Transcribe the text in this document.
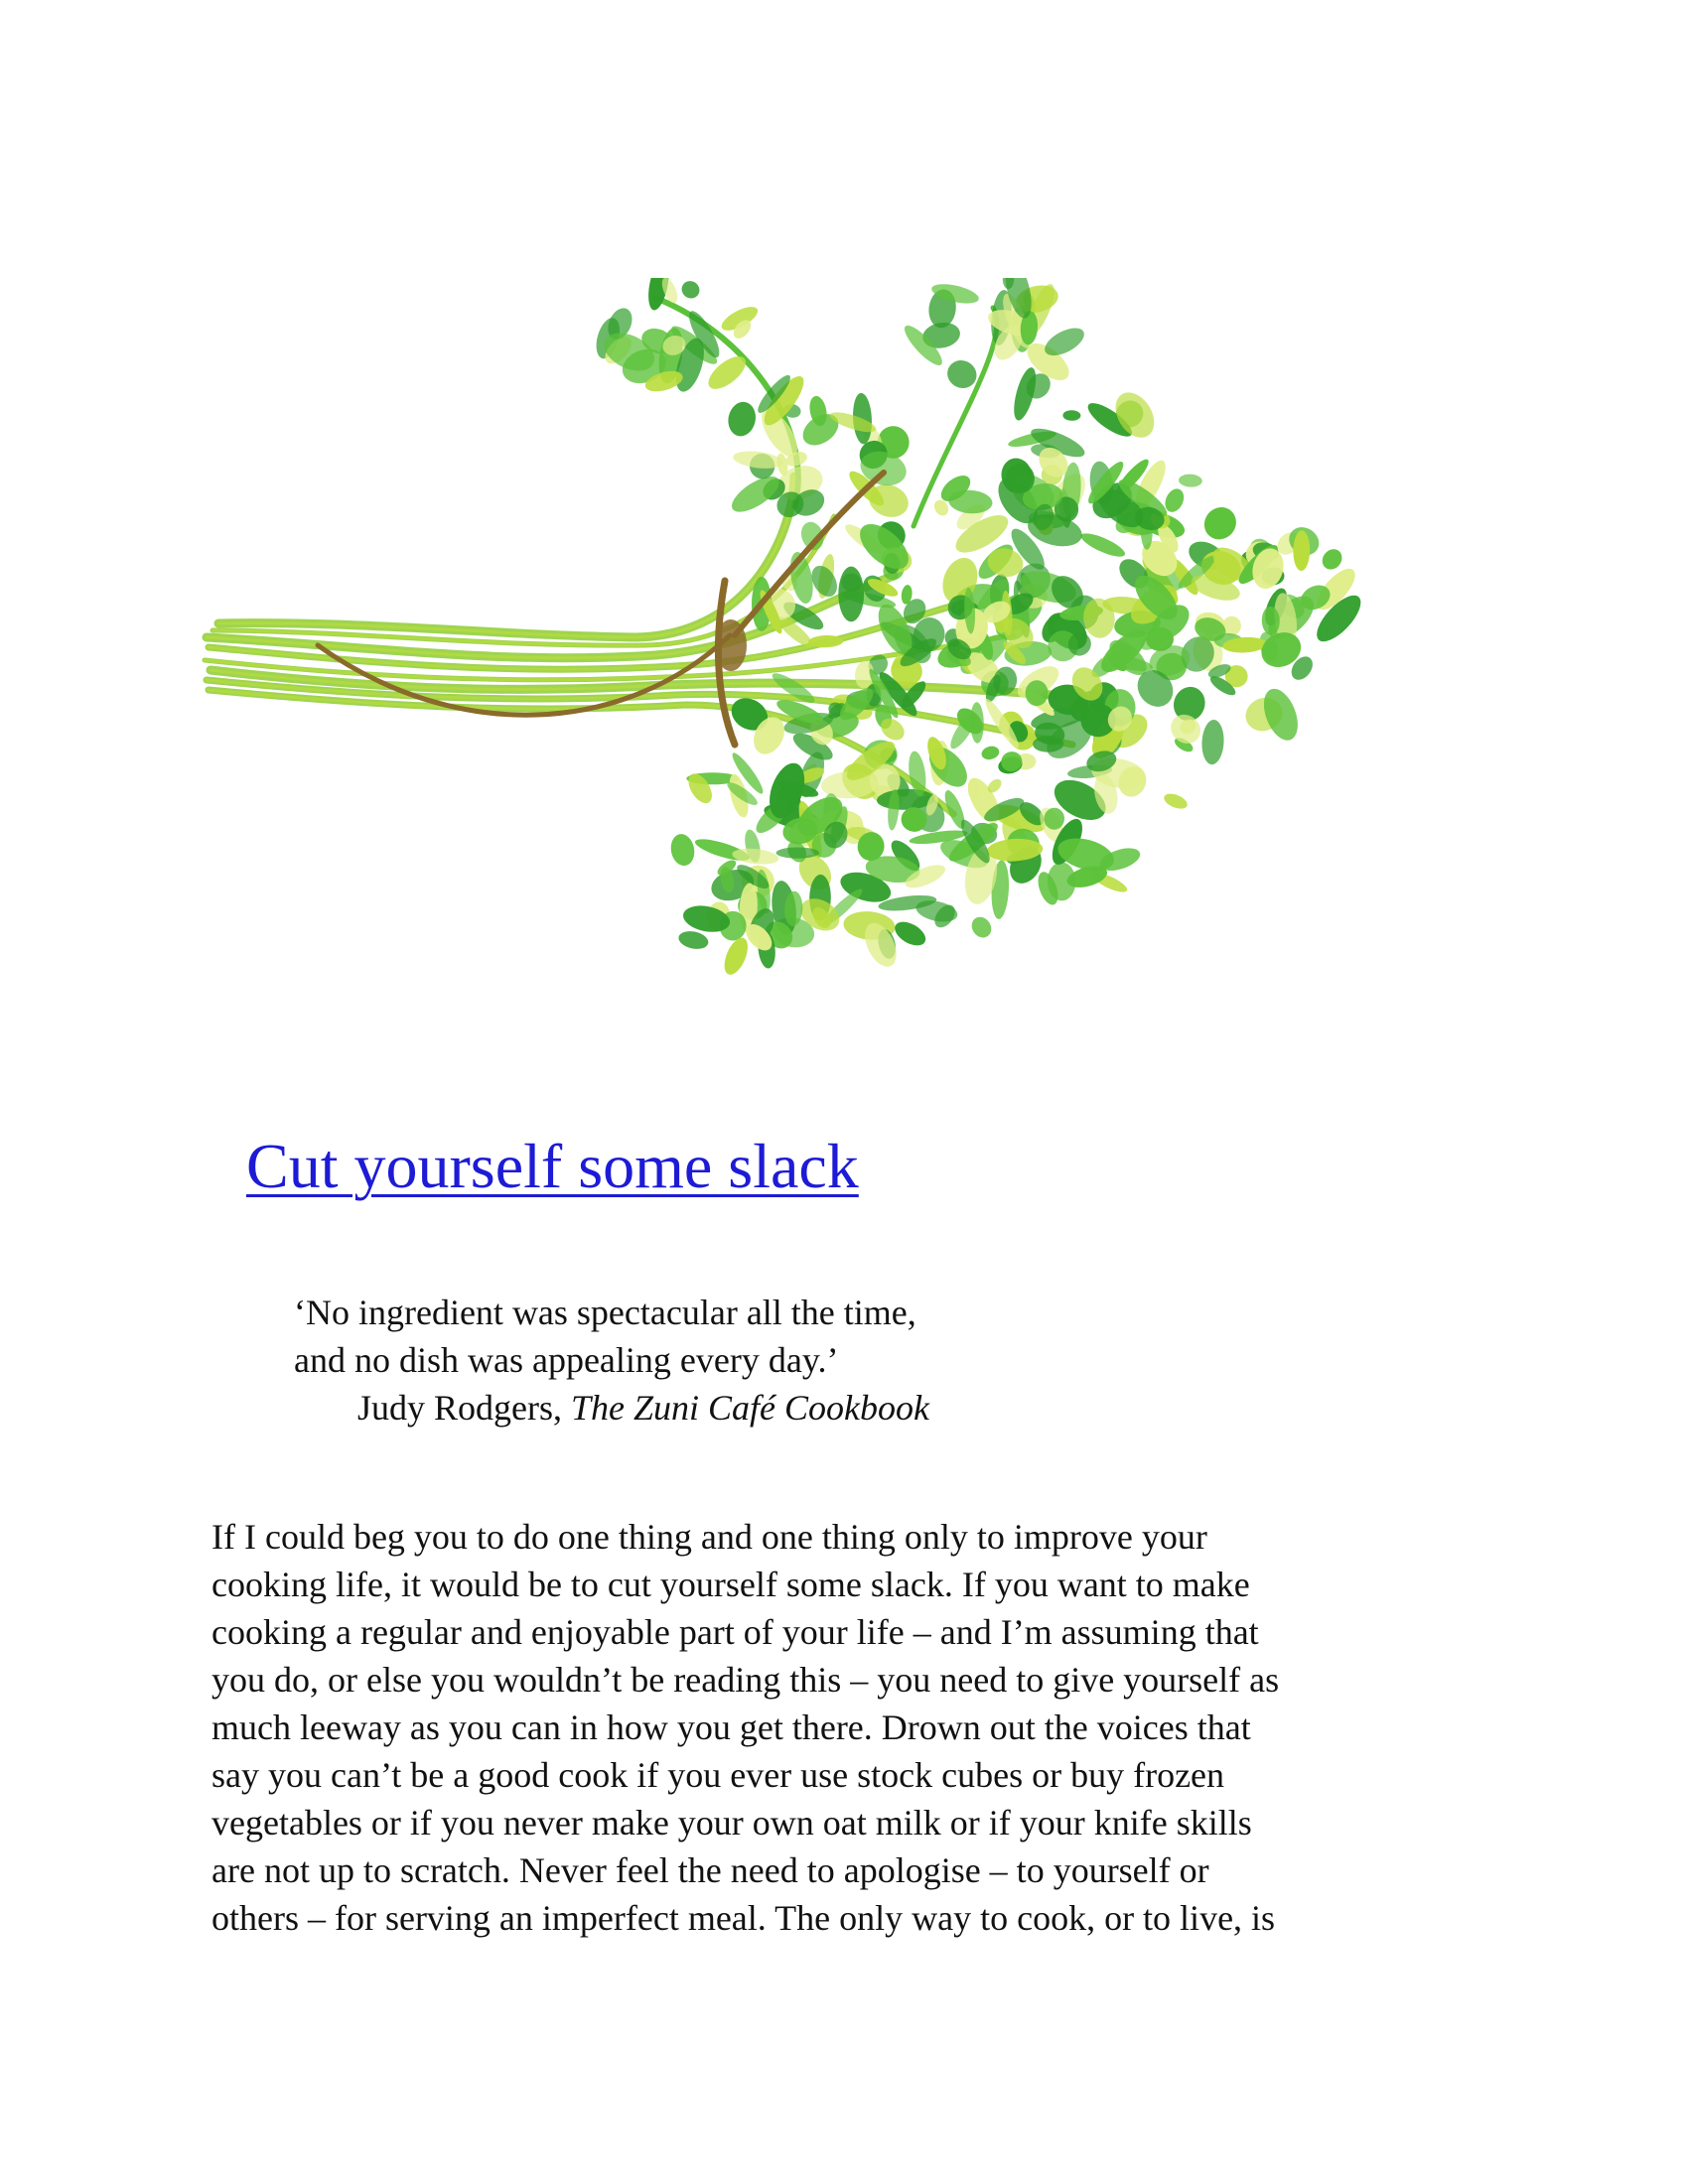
Cut yourself some slack
‘No ingredient was spectacular all the time,
and no dish was appealing every day.’
Judy Rodgers, The Zuni Café Cookbook
If I could beg you to do one thing and one thing only to improve your
cooking life, it would be to cut yourself some slack. If you want to make
cooking a regular and enjoyable part of your life – and I’m assuming that
you do, or else you wouldn’t be reading this – you need to give yourself as
much leeway as you can in how you get there. Drown out the voices that
say you can’t be a good cook if you ever use stock cubes or buy frozen
vegetables or if you never make your own oat milk or if your knife skills
are not up to scratch. Never feel the need to apologise – to yourself or
others – for serving an imperfect meal. The only way to cook, or to live, is
